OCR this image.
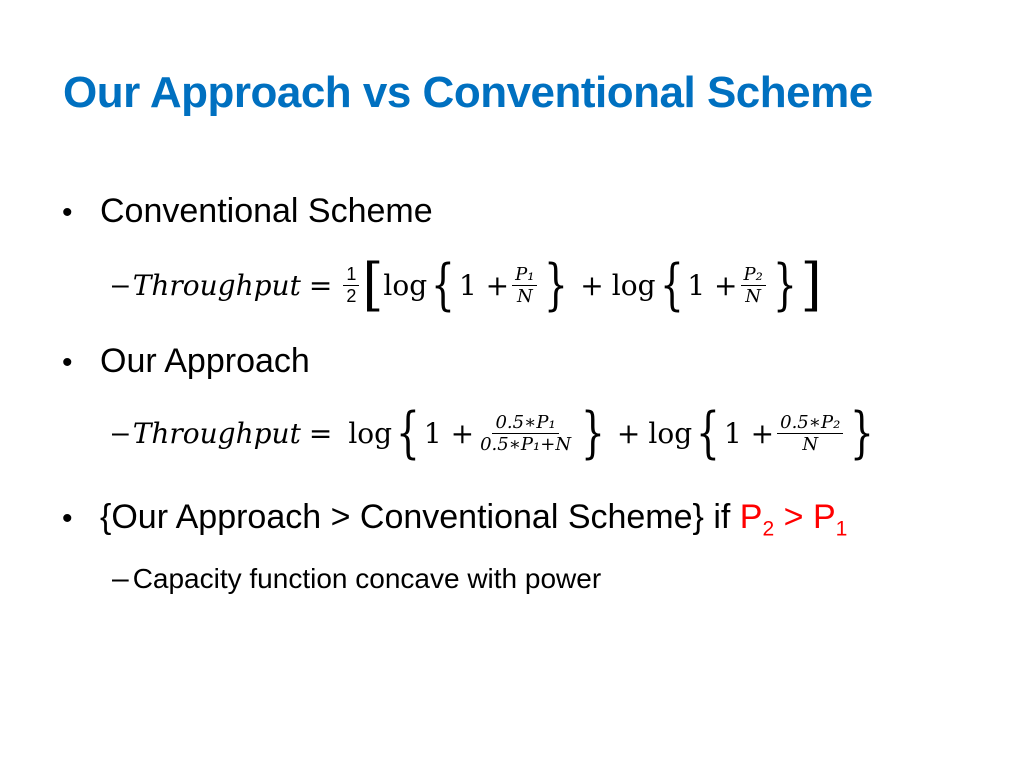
Our Approach vs Conventional Scheme
• Conventional Scheme
– Throughput = $\frac{1}{2}$ [ log { $1 + \frac{\text{P₁}}{N}$ } + log { $1 + \frac{\text{P₂}}{N}$ } ]
• Our Approach
– Throughput = log { $1 + \frac{\text{0.5∗P₁}}{\text{0.5∗P₁+N}}$ } + log { $1 + \frac{\text{0.5∗P₂}}{N}$ }
• {Our Approach > Conventional Scheme} if $P_2 > P_1$
– Capacity function concave with power
